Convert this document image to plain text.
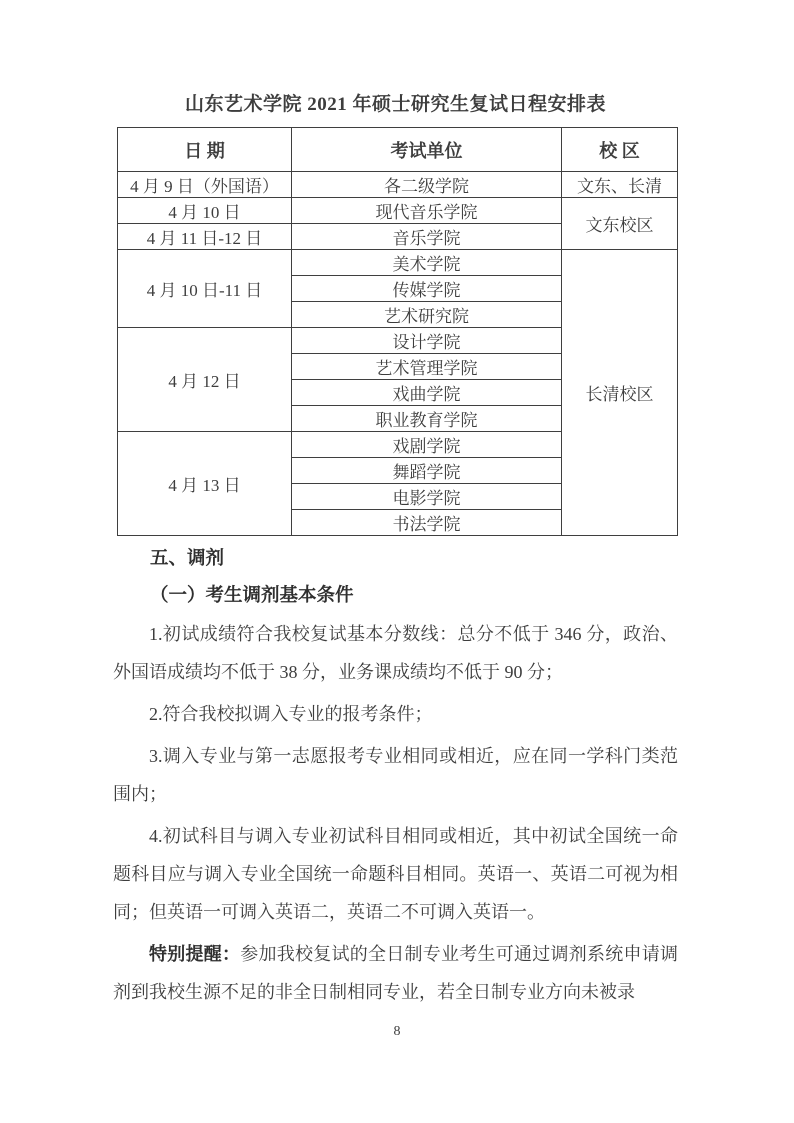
山东艺术学院 2021 年硕士研究生复试日程安排表
日 期	考试单位	校 区
4 月 9 日（外国语）	各二级学院	文东、长清
4 月 10 日	现代音乐学院	文东校区
4 月 11 日-12 日	音乐学院	
4 月 10 日-11 日	美术学院	长清校区
	传媒学院	
	艺术研究院	
4 月 12 日	设计学院	
	艺术管理学院	
	戏曲学院	
	职业教育学院	
4 月 13 日	戏剧学院	
	舞蹈学院	
	电影学院	
	书法学院	
五、调剂
（一）考生调剂基本条件

1.初试成绩符合我校复试基本分数线：总分不低于 346 分，政治、外国语成绩均不低于 38 分，业务课成绩均不低于 90 分；

2.符合我校拟调入专业的报考条件；

3.调入专业与第一志愿报考专业相同或相近，应在同一学科门类范围内；

4.初试科目与调入专业初试科目相同或相近，其中初试全国统一命题科目应与调入专业全国统一命题科目相同。英语一、英语二可视为相同；但英语一可调入英语二，英语二不可调入英语一。

特别提醒：参加我校复试的全日制专业考生可通过调剂系统申请调剂到我校生源不足的非全日制相同专业，若全日制专业方向未被录

8
